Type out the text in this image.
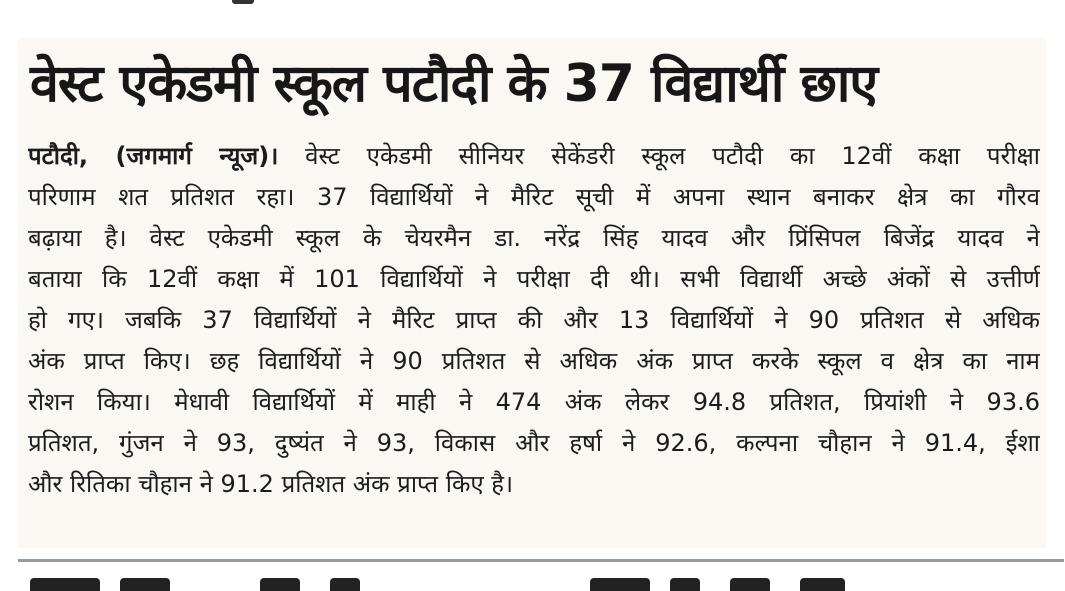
वेस्ट एकेडमी स्कूल पटौदी के 37 विद्यार्थी छाए
पटौदी, (जगमार्ग न्यूज)। वेस्ट एकेडमी सीनियर सेकेंडरी स्कूल पटौदी का 12वीं कक्षा परीक्षा
परिणाम शत प्रतिशत रहा। 37 विद्यार्थियों ने मैरिट सूची में अपना स्थान बनाकर क्षेत्र का गौरव
बढ़ाया है। वेस्ट एकेडमी स्कूल के चेयरमैन डा. नरेंद्र सिंह यादव और प्रिंसिपल बिजेंद्र यादव ने
बताया कि 12वीं कक्षा में 101 विद्यार्थियों ने परीक्षा दी थी। सभी विद्यार्थी अच्छे अंकों से उत्तीर्ण
हो गए। जबकि 37 विद्यार्थियों ने मैरिट प्राप्त की और 13 विद्यार्थियों ने 90 प्रतिशत से अधिक
अंक प्राप्त किए। छह विद्यार्थियों ने 90 प्रतिशत से अधिक अंक प्राप्त करके स्कूल व क्षेत्र का नाम
रोशन किया। मेधावी विद्यार्थियों में माही ने 474 अंक लेकर 94.8 प्रतिशत, प्रियांशी ने 93.6
प्रतिशत, गुंजन ने 93, दुष्यंत ने 93, विकास और हर्षा ने 92.6, कल्पना चौहान ने 91.4, ईशा
और रितिका चौहान ने 91.2 प्रतिशत अंक प्राप्त किए है।
